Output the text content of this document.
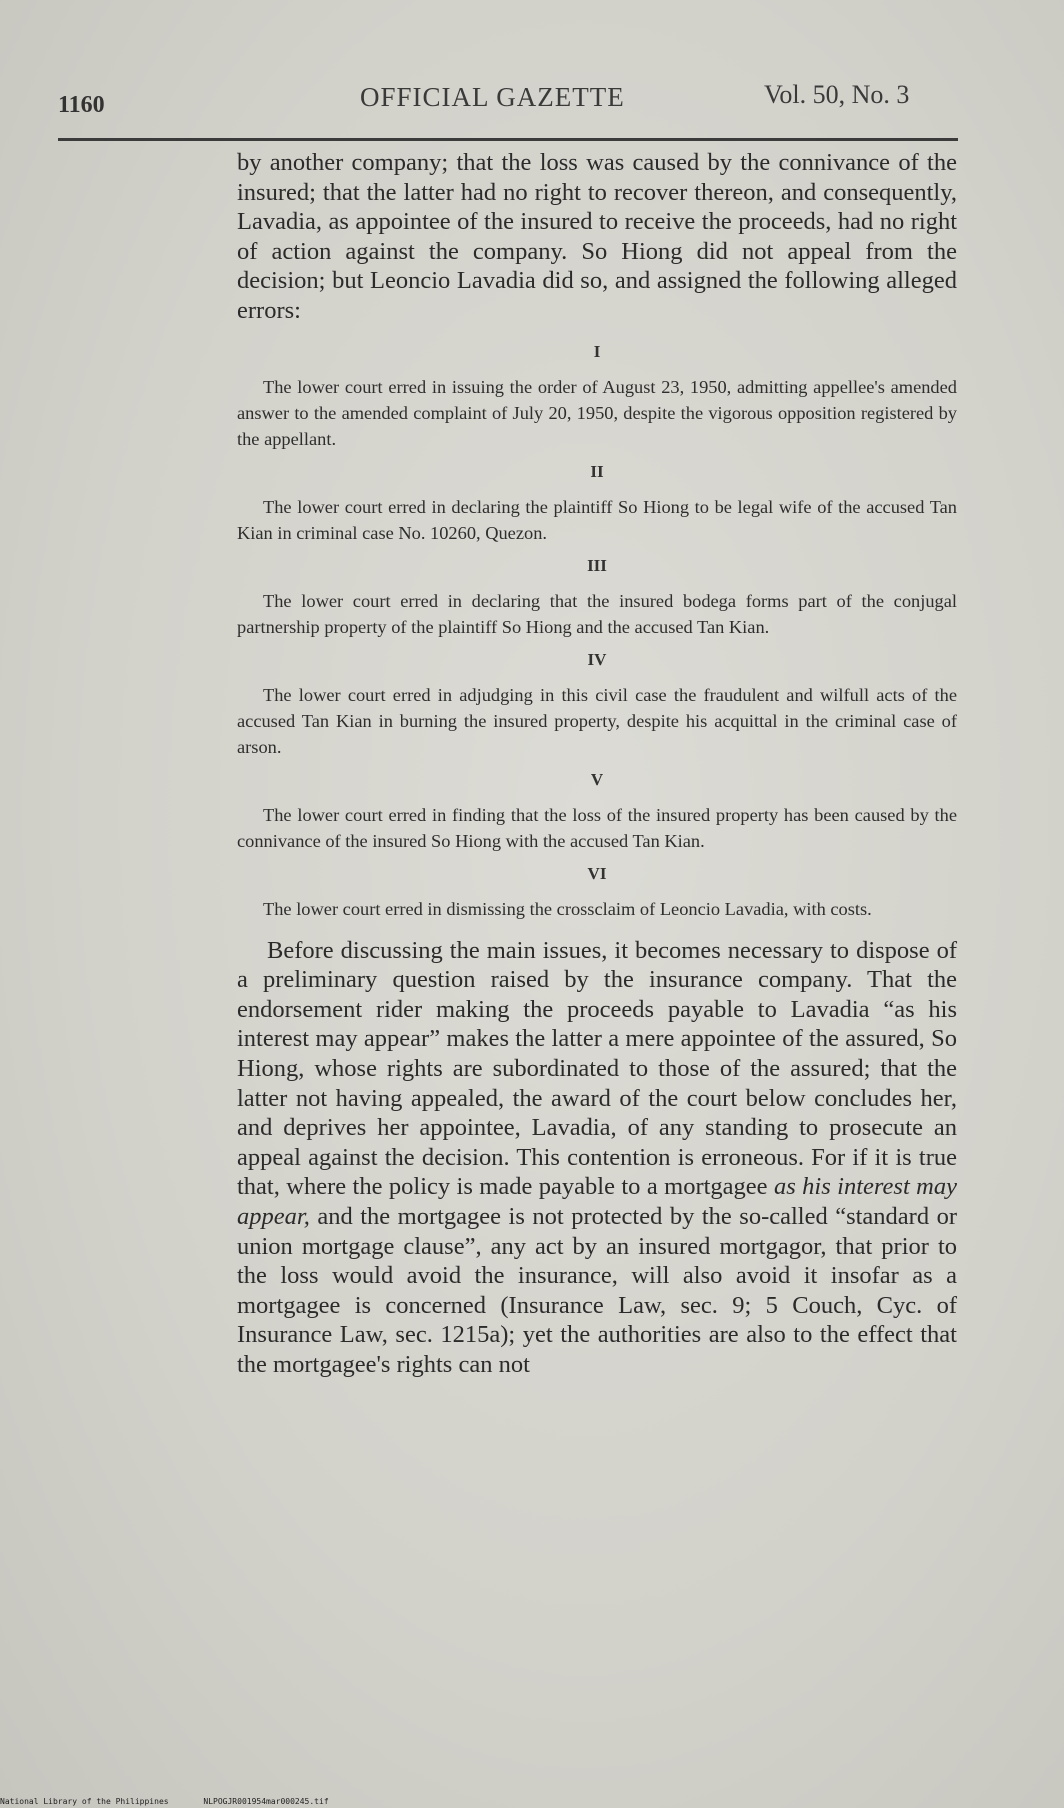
1160	OFFICIAL GAZETTE	Vol. 50, No. 3

by another company; that the loss was caused by the connivance of the insured; that the latter had no right to recover thereon, and consequently, Lavadia, as appointee of the insured to receive the proceeds, had no right of action against the company. So Hiong did not appeal from the decision; but Leoncio Lavadia did so, and assigned the following alleged errors:

I

The lower court erred in issuing the order of August 23, 1950, admitting appellee's amended answer to the amended complaint of July 20, 1950, despite the vigorous opposition registered by the appellant.

II

The lower court erred in declaring the plaintiff So Hiong to be legal wife of the accused Tan Kian in criminal case No. 10260, Quezon.

III

The lower court erred in declaring that the insured bodega forms part of the conjugal partnership property of the plaintiff So Hiong and the accused Tan Kian.

IV

The lower court erred in adjudging in this civil case the fraudulent and wilfull acts of the accused Tan Kian in burning the insured property, despite his acquittal in the criminal case of arson.

V

The lower court erred in finding that the loss of the insured property has been caused by the connivance of the insured So Hiong with the accused Tan Kian.

VI

The lower court erred in dismissing the crossclaim of Leoncio Lavadia, with costs.

Before discussing the main issues, it becomes necessary to dispose of a preliminary question raised by the insurance company. That the endorsement rider making the proceeds payable to Lavadia “as his interest may appear” makes the latter a mere appointee of the assured, So Hiong, whose rights are subordinated to those of the assured; that the latter not having appealed, the award of the court below concludes her, and deprives her appointee, Lavadia, of any standing to prosecute an appeal against the decision. This contention is erroneous. For if it is true that, where the policy is made payable to a mortgagee as his interest may appear, and the mortgagee is not protected by the so-called “standard or union mortgage clause”, any act by an insured mortgagor, that prior to the loss would avoid the insurance, will also avoid it insofar as a mortgagee is concerned (Insurance Law, sec. 9; 5 Couch, Cyc. of Insurance Law, sec. 1215a); yet the authorities are also to the effect that the mortgagee's rights can not

National Library of the Philippines	NLPOGJR001954mar000245.tif
